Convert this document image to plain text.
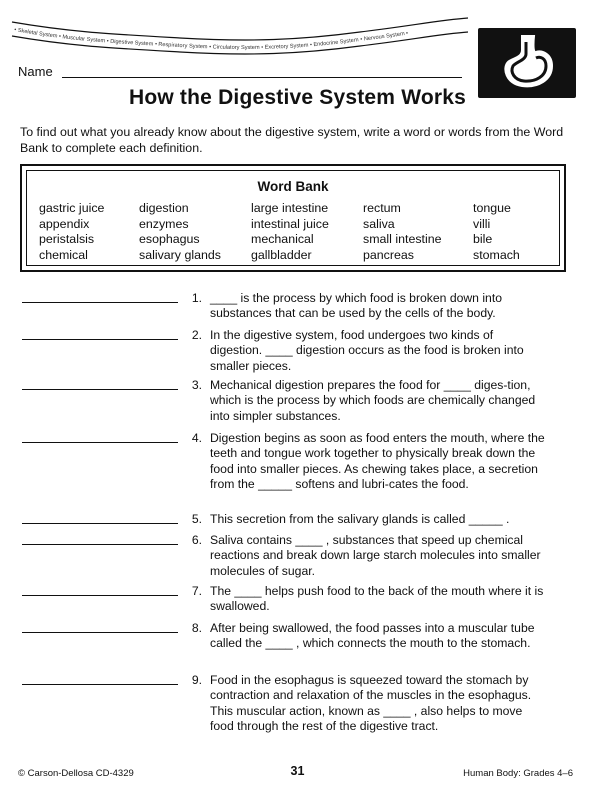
• Skeletal System • Muscular System • Digestive System • Respiratory System • Circulatory System • Excretory System • Endocrine System • Nervous System •
Name
How the Digestive System Works
To find out what you already know about the digestive system, write a word or words from the Word Bank to complete each definition.
Word Bank
gastric juice
appendix
peristalsis
chemical
digestion
enzymes
esophagus
salivary glands
large intestine
intestinal juice
mechanical
gallbladder
rectum
saliva
small intestine
pancreas
tongue
villi
bile
stomach
1. ____ is the process by which food is broken down into substances that can be used by the cells of the body.
2. In the digestive system, food undergoes two kinds of digestion. ____ digestion occurs as the food is broken into smaller pieces.
3. Mechanical digestion prepares the food for ____ diges-tion, which is the process by which foods are chemically changed into simpler substances.
4. Digestion begins as soon as food enters the mouth, where the teeth and tongue work together to physically break down the food into smaller pieces. As chewing takes place, a secretion from the _____ softens and lubri-cates the food.
5. This secretion from the salivary glands is called _____ .
6. Saliva contains ____ , substances that speed up chemical reactions and break down large starch molecules into smaller molecules of sugar.
7. The ____ helps push food to the back of the mouth where it is swallowed.
8. After being swallowed, the food passes into a muscular tube called the ____ , which connects the mouth to the stomach.
9. Food in the esophagus is squeezed toward the stomach by contraction and relaxation of the muscles in the esophagus. This muscular action, known as ____ , also helps to move food through the rest of the digestive tract.
© Carson-Dellosa CD-4329	31	Human Body: Grades 4–6
